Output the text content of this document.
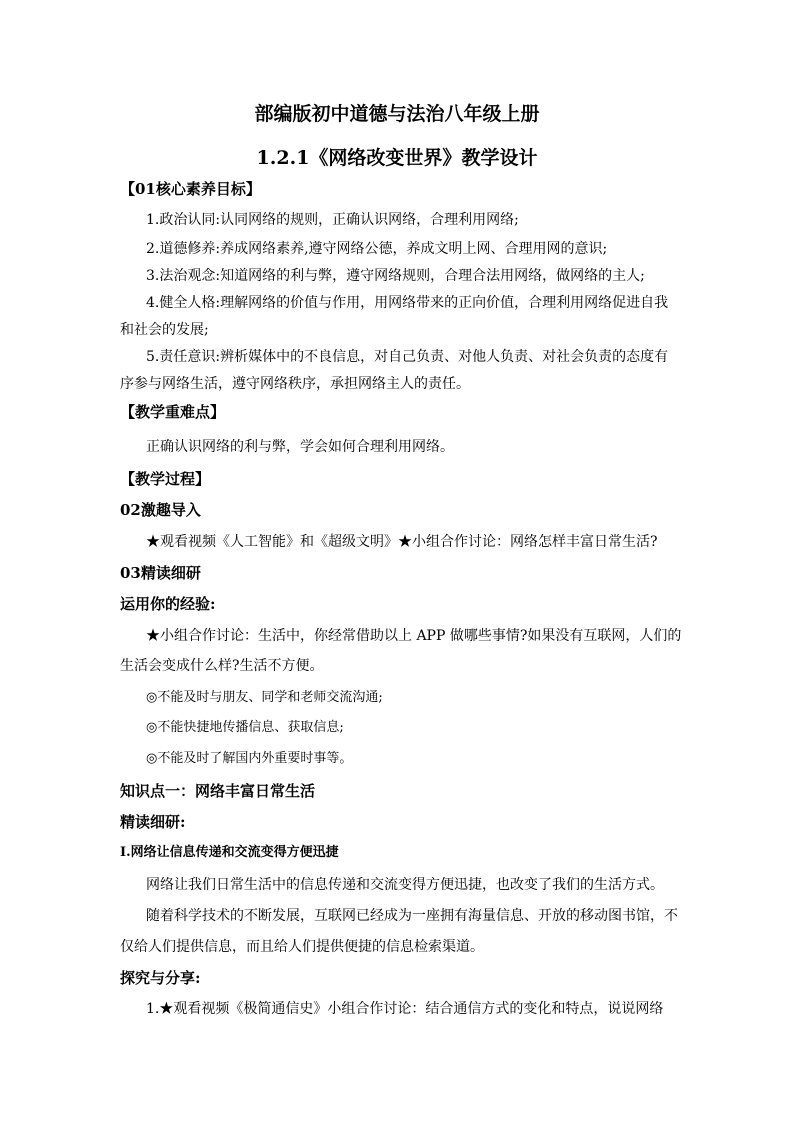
部编版初中道德与法治八年级上册
1.2.1《网络改变世界》教学设计
【01核心素养目标】
1.政治认同:认同网络的规则，正确认识网络，合理利用网络;
2.道德修养:养成网络素养,遵守网络公德，养成文明上网、合理用网的意识;
3.法治观念:知道网络的利与弊，遵守网络规则，合理合法用网络，做网络的主人;
4.健全人格:理解网络的价值与作用，用网络带来的正向价值，合理利用网络促进自我
和社会的发展;
5.责任意识:辨析媒体中的不良信息，对自己负责、对他人负责、对社会负责的态度有
序参与网络生活，遵守网络秩序，承担网络主人的责任。
【教学重难点】
正确认识网络的利与弊，学会如何合理利用网络。
【教学过程】
02激趣导入
★观看视频《人工智能》和《超级文明》★小组合作讨论：网络怎样丰富日常生活?
03精读细研
运用你的经验:
★小组合作讨论：生活中，你经常借助以上 APP 做哪些事情?如果没有互联网，人们的
生活会变成什么样?生活不方便。
◎不能及时与朋友、同学和老师交流沟通;
◎不能快捷地传播信息、获取信息;
◎不能及时了解国内外重要时事等。
知识点一：网络丰富日常生活
精读细研:
Ⅰ.网络让信息传递和交流变得方便迅捷
网络让我们日常生活中的信息传递和交流变得方便迅捷，也改变了我们的生活方式。
随着科学技术的不断发展，互联网已经成为一座拥有海量信息、开放的移动图书馆，不
仅给人们提供信息，而且给人们提供便捷的信息检索渠道。
探究与分享:
1.★观看视频《极简通信史》小组合作讨论：结合通信方式的变化和特点，说说网络
